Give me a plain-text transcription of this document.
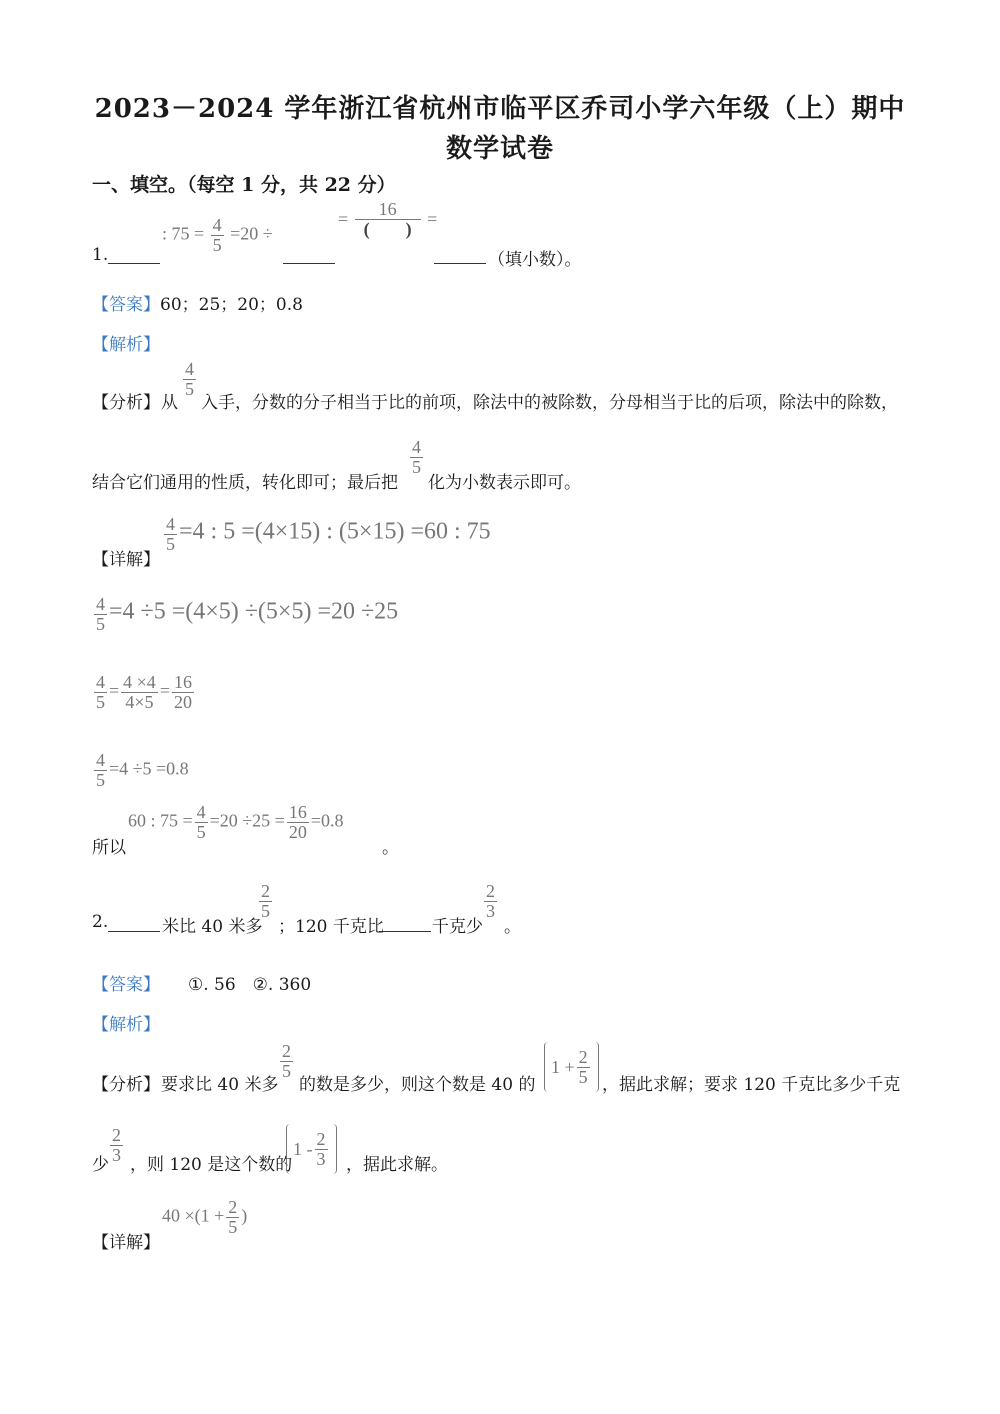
2023－2024 学年浙江省杭州市临平区乔司小学六年级（上）期中
数学试卷
一、填空。（每空 1 分，共 22 分）
1.
: $75 = \frac{4}{5} =20$ ÷
= $\frac{16}{( )}$ =
（填小数）。
【答案】60；25；20；0.8
【解析】
【分析】 从
$\frac{4}{5}$
入手，分数的分子相当于比的前项，除法中的被除数，分母相当于比的后项，除法中的除数，
结合它们通用的性质，转化即可；最后把
$\frac{4}{5}$
化为小数表示即可。
【详解】
$\frac{4}{5} =4$ : 5 =(4×15) : (5×15) =60 : 75
$\frac{4}{5} =4 \div 5 =(4\times 5) \div(5\times 5) =20 \div 25$
$\frac{4}{5} = \frac{4 \times 4}{4\times 5} = \frac{16}{20}$
$\frac{4}{5} =4 \div 5 =0.8$
所以
60 : $75 = \frac{4}{5} =20 \div 25 = \frac{16}{20} =0.8$
。
2.	米比 40 米多
$\frac{2}{5}$
；120 千克比	千克少
$\frac{2}{3}$
。
【答案】 ①. 56　②. 360
【解析】
【分析】 要求比 40 米多
$\frac{2}{5}$
的数是多少，则这个数是 40 的
$1 + \frac{2}{5}$ ，据此求解；要求 120 千克比多少千克
少
$\frac{2}{3}$
，则 120 是这个数的
$1 - \frac{2}{3}$ ，据此求解。
【详解】
$40 \times(1 + \frac{2}{5}$ )
